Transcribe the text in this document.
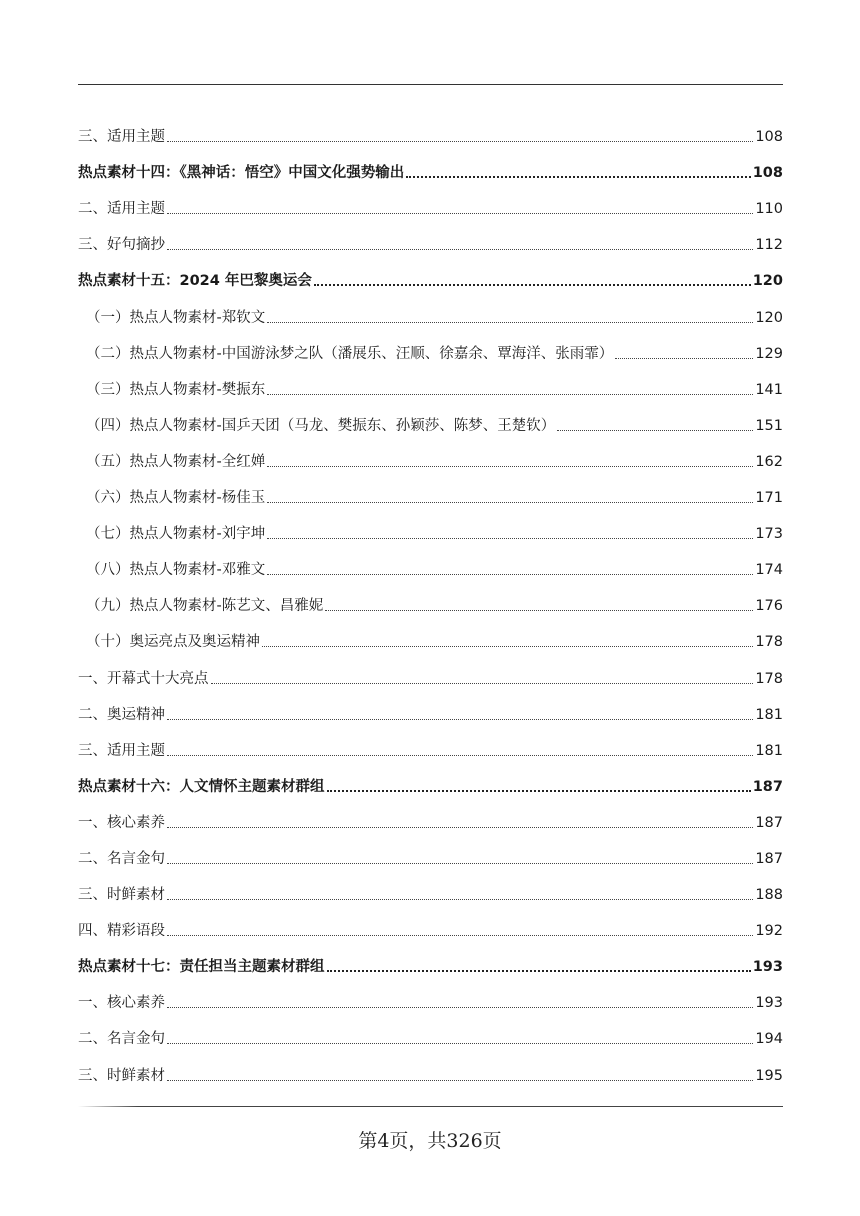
三、适用主题	108
热点素材十四：《黑神话：悟空》中国文化强势输出	108
二、适用主题	110
三、好句摘抄	112
热点素材十五：2024 年巴黎奥运会	120
（一）热点人物素材-郑钦文	120
（二）热点人物素材-中国游泳梦之队（潘展乐、汪顺、徐嘉余、覃海洋、张雨霏）	129
（三）热点人物素材-樊振东	141
（四）热点人物素材-国乒天团（马龙、樊振东、孙颖莎、陈梦、王楚钦）	151
（五）热点人物素材-全红婵	162
（六）热点人物素材-杨佳玉	171
（七）热点人物素材-刘宇坤	173
（八）热点人物素材-邓雅文	174
（九）热点人物素材-陈艺文、昌雅妮	176
（十）奥运亮点及奥运精神	178
一、开幕式十大亮点	178
二、奥运精神	181
三、适用主题	181
热点素材十六：人文情怀主题素材群组	187
一、核心素养	187
二、名言金句	187
三、时鲜素材	188
四、精彩语段	192
热点素材十七：责任担当主题素材群组	193
一、核心素养	193
二、名言金句	194
三、时鲜素材	195
第4页，共326页
